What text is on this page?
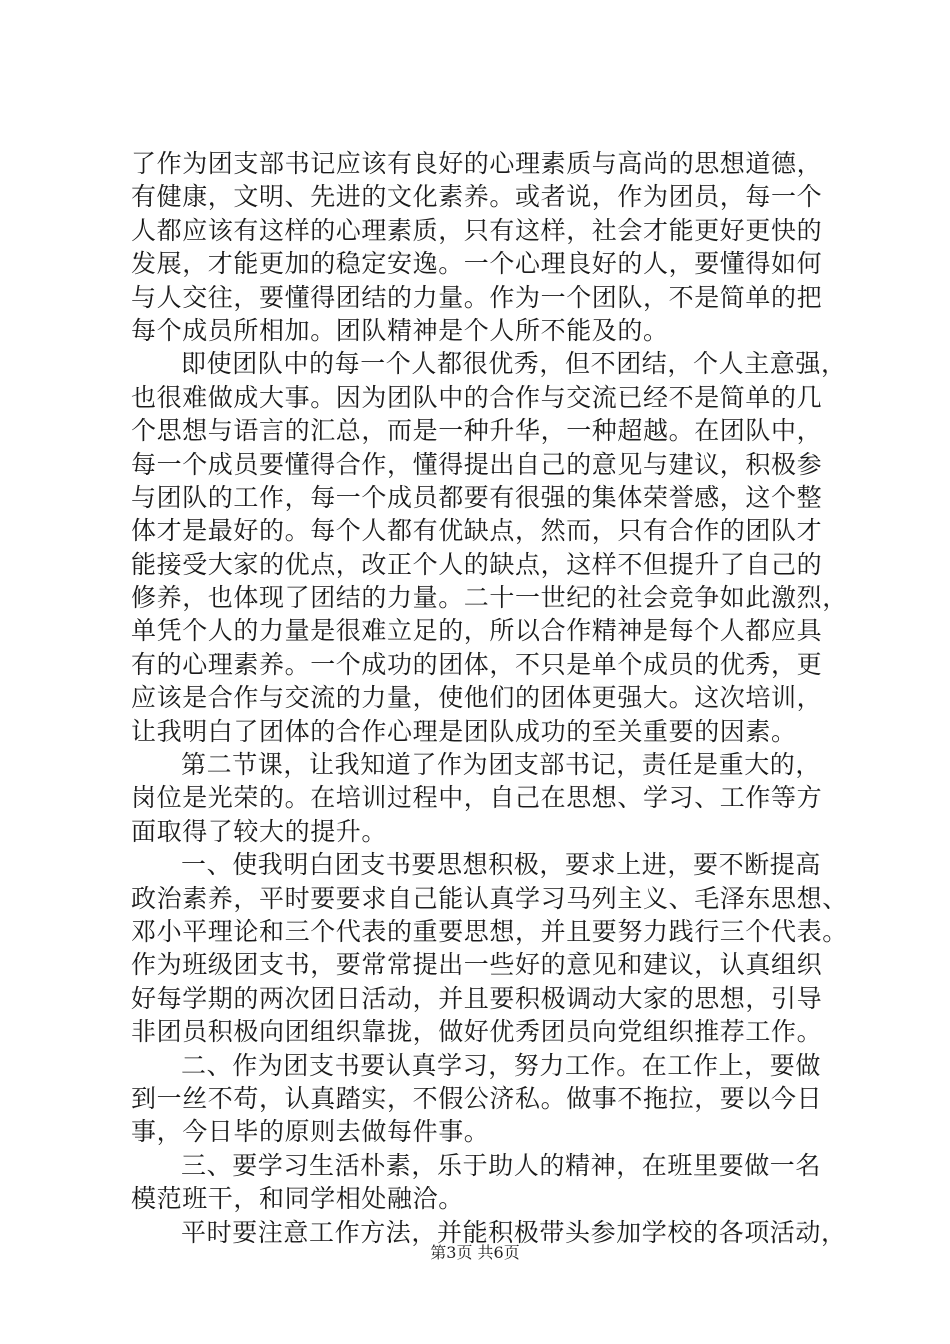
了作为团支部书记应该有良好的心理素质与高尚的思想道德，
有健康，文明、先进的文化素养。或者说，作为团员，每一个
人都应该有这样的心理素质，只有这样，社会才能更好更快的
发展，才能更加的稳定安逸。一个心理良好的人，要懂得如何
与人交往，要懂得团结的力量。作为一个团队，不是简单的把
每个成员所相加。团队精神是个人所不能及的。
即使团队中的每一个人都很优秀，但不团结，个人主意强，
也很难做成大事。因为团队中的合作与交流已经不是简单的几
个思想与语言的汇总，而是一种升华，一种超越。在团队中，
每一个成员要懂得合作，懂得提出自己的意见与建议，积极参
与团队的工作，每一个成员都要有很强的集体荣誉感，这个整
体才是最好的。每个人都有优缺点，然而，只有合作的团队才
能接受大家的优点，改正个人的缺点，这样不但提升了自己的
修养，也体现了团结的力量。二十一世纪的社会竞争如此激烈，
单凭个人的力量是很难立足的，所以合作精神是每个人都应具
有的心理素养。一个成功的团体，不只是单个成员的优秀，更
应该是合作与交流的力量，使他们的团体更强大。这次培训，
让我明白了团体的合作心理是团队成功的至关重要的因素。
第二节课，让我知道了作为团支部书记，责任是重大的，
岗位是光荣的。在培训过程中，自己在思想、学习、工作等方
面取得了较大的提升。
一、使我明白团支书要思想积极，要求上进，要不断提高
政治素养，平时要要求自己能认真学习马列主义、毛泽东思想、
邓小平理论和三个代表的重要思想，并且要努力践行三个代表。
作为班级团支书，要常常提出一些好的意见和建议，认真组织
好每学期的两次团日活动，并且要积极调动大家的思想，引导
非团员积极向团组织靠拢，做好优秀团员向党组织推荐工作。
二、作为团支书要认真学习，努力工作。在工作上，要做
到一丝不苟，认真踏实，不假公济私。做事不拖拉，要以今日
事，今日毕的原则去做每件事。
三、要学习生活朴素，乐于助人的精神，在班里要做一名
模范班干，和同学相处融洽。
平时要注意工作方法，并能积极带头参加学校的各项活动，
第3页 共6页
